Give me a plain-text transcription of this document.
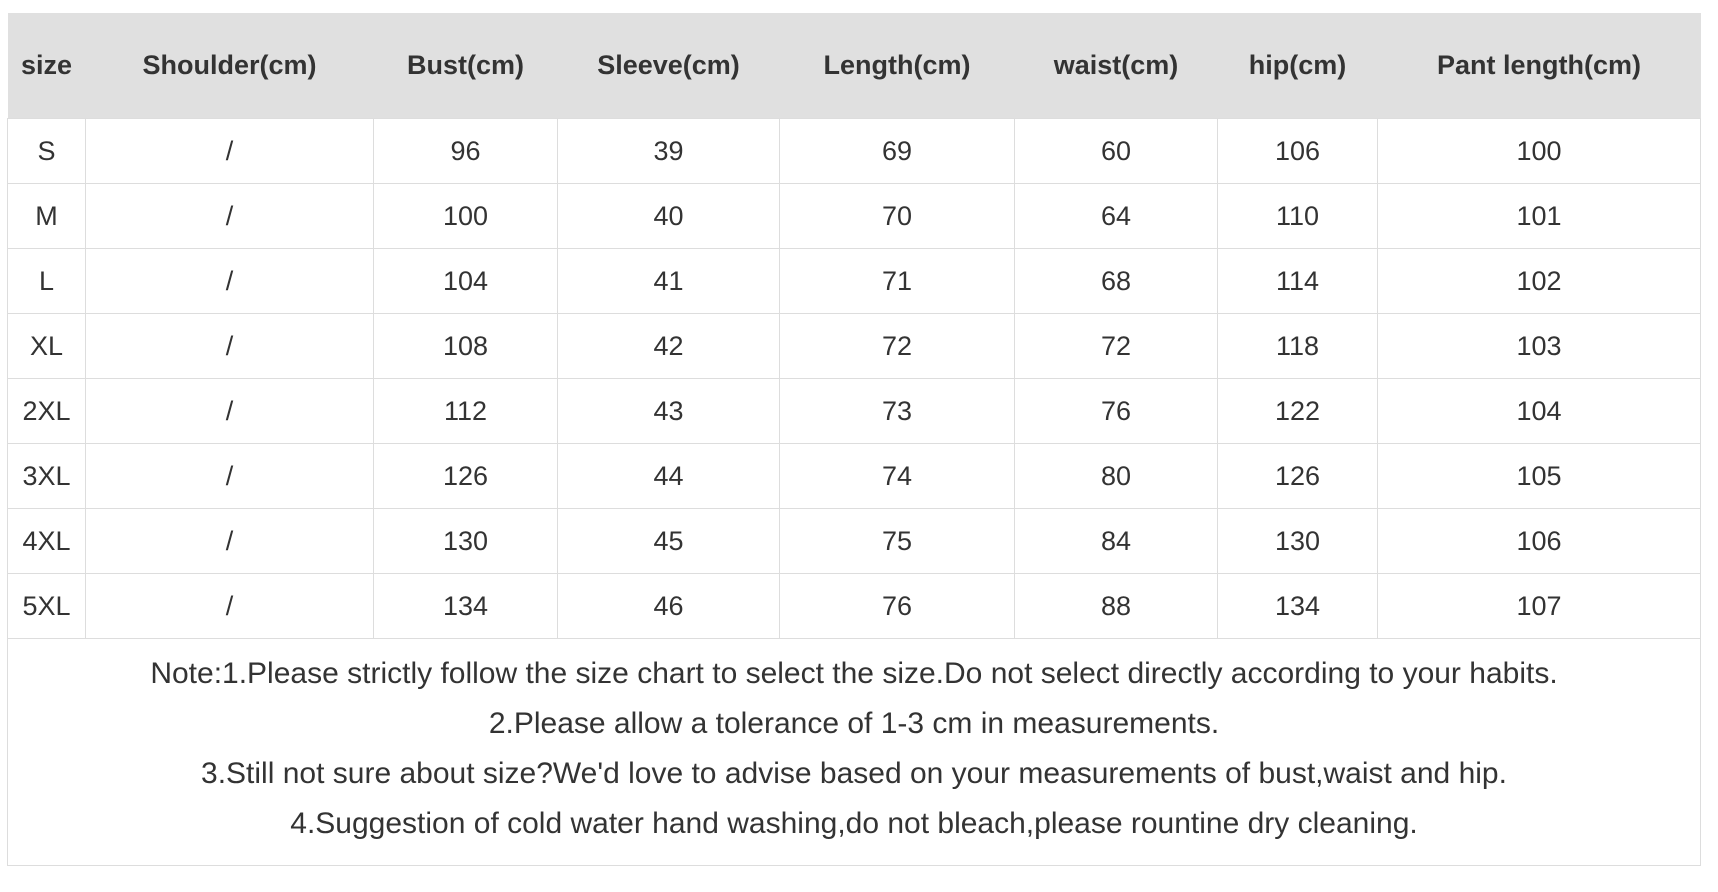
size	Shoulder(cm)	Bust(cm)	Sleeve(cm)	Length(cm)	waist(cm)	hip(cm)	Pant length(cm)
S	/	96	39	69	60	106	100
M	/	100	40	70	64	110	101
L	/	104	41	71	68	114	102
XL	/	108	42	72	72	118	103
2XL	/	112	43	73	76	122	104
3XL	/	126	44	74	80	126	105
4XL	/	130	45	75	84	130	106
5XL	/	134	46	76	88	134	107

Note:1.Please strictly follow the size chart to select the size.Do not select directly according to your habits.
2.Please allow a tolerance of 1-3 cm in measurements.
3.Still not sure about size?We'd love to advise based on your measurements of bust,waist and hip.
4.Suggestion of cold water hand washing,do not bleach,please rountine dry cleaning.							
